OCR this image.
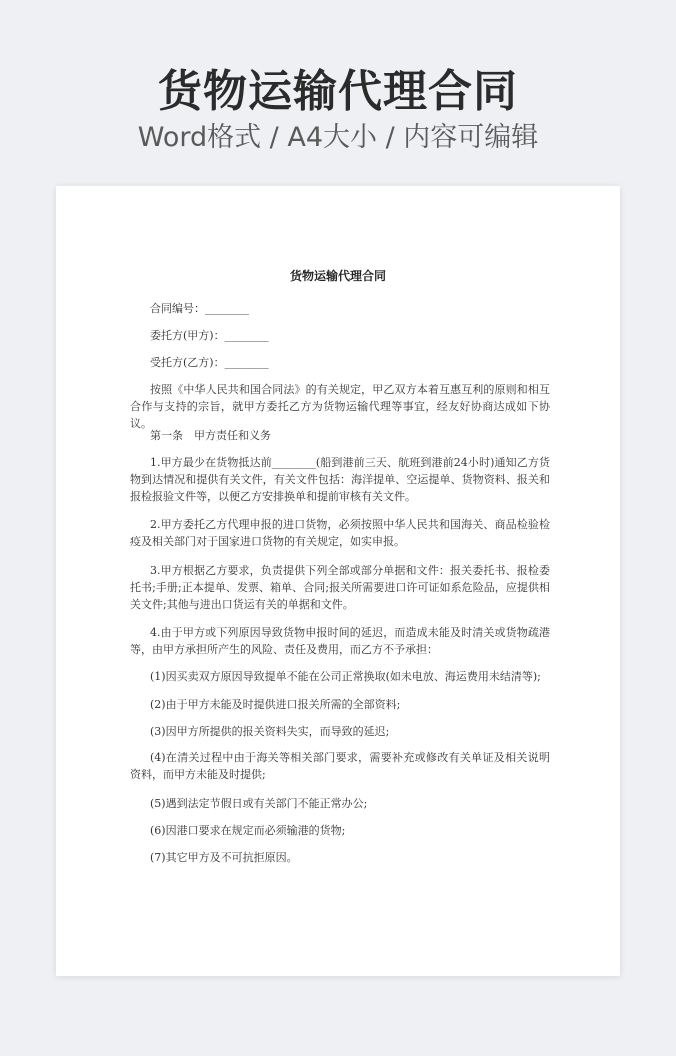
货物运输代理合同
Word格式 / A4大小 / 内容可编辑
货物运输代理合同
合同编号：________
委托方(甲方)：________
受托方(乙方)：________
按照《中华人民共和国合同法》的有关规定，甲乙双方本着互惠互利的原则和相互合作与支持的宗旨，就甲方委托乙方为货物运输代理等事宜，经友好协商达成如下协议。
第一条　甲方责任和义务
1.甲方最少在货物抵达前________(船到港前三天、航班到港前24小时)通知乙方货物到达情况和提供有关文件，有关文件包括：海洋提单、空运提单、货物资料、报关和报检报验文件等，以便乙方安排换单和提前审核有关文件。
2.甲方委托乙方代理申报的进口货物，必须按照中华人民共和国海关、商品检验检疫及相关部门对于国家进口货物的有关规定，如实申报。
3.甲方根据乙方要求，负责提供下列全部或部分单据和文件：报关委托书、报检委托书;手册;正本提单、发票、箱单、合同;报关所需要进口许可证如系危险品，应提供相关文件;其他与进出口货运有关的单据和文件。
4.由于甲方或下列原因导致货物申报时间的延迟，而造成未能及时清关或货物疏港等，由甲方承担所产生的风险、责任及费用，而乙方不予承担：
(1)因买卖双方原因导致提单不能在公司正常换取(如未电放、海运费用未结清等);
(2)由于甲方未能及时提供进口报关所需的全部资料;
(3)因甲方所提供的报关资料失实，而导致的延迟;
(4)在清关过程中由于海关等相关部门要求，需要补充或修改有关单证及相关说明资料，而甲方未能及时提供;
(5)遇到法定节假日或有关部门不能正常办公;
(6)因港口要求在规定而必须输港的货物;
(7)其它甲方及不可抗拒原因。
